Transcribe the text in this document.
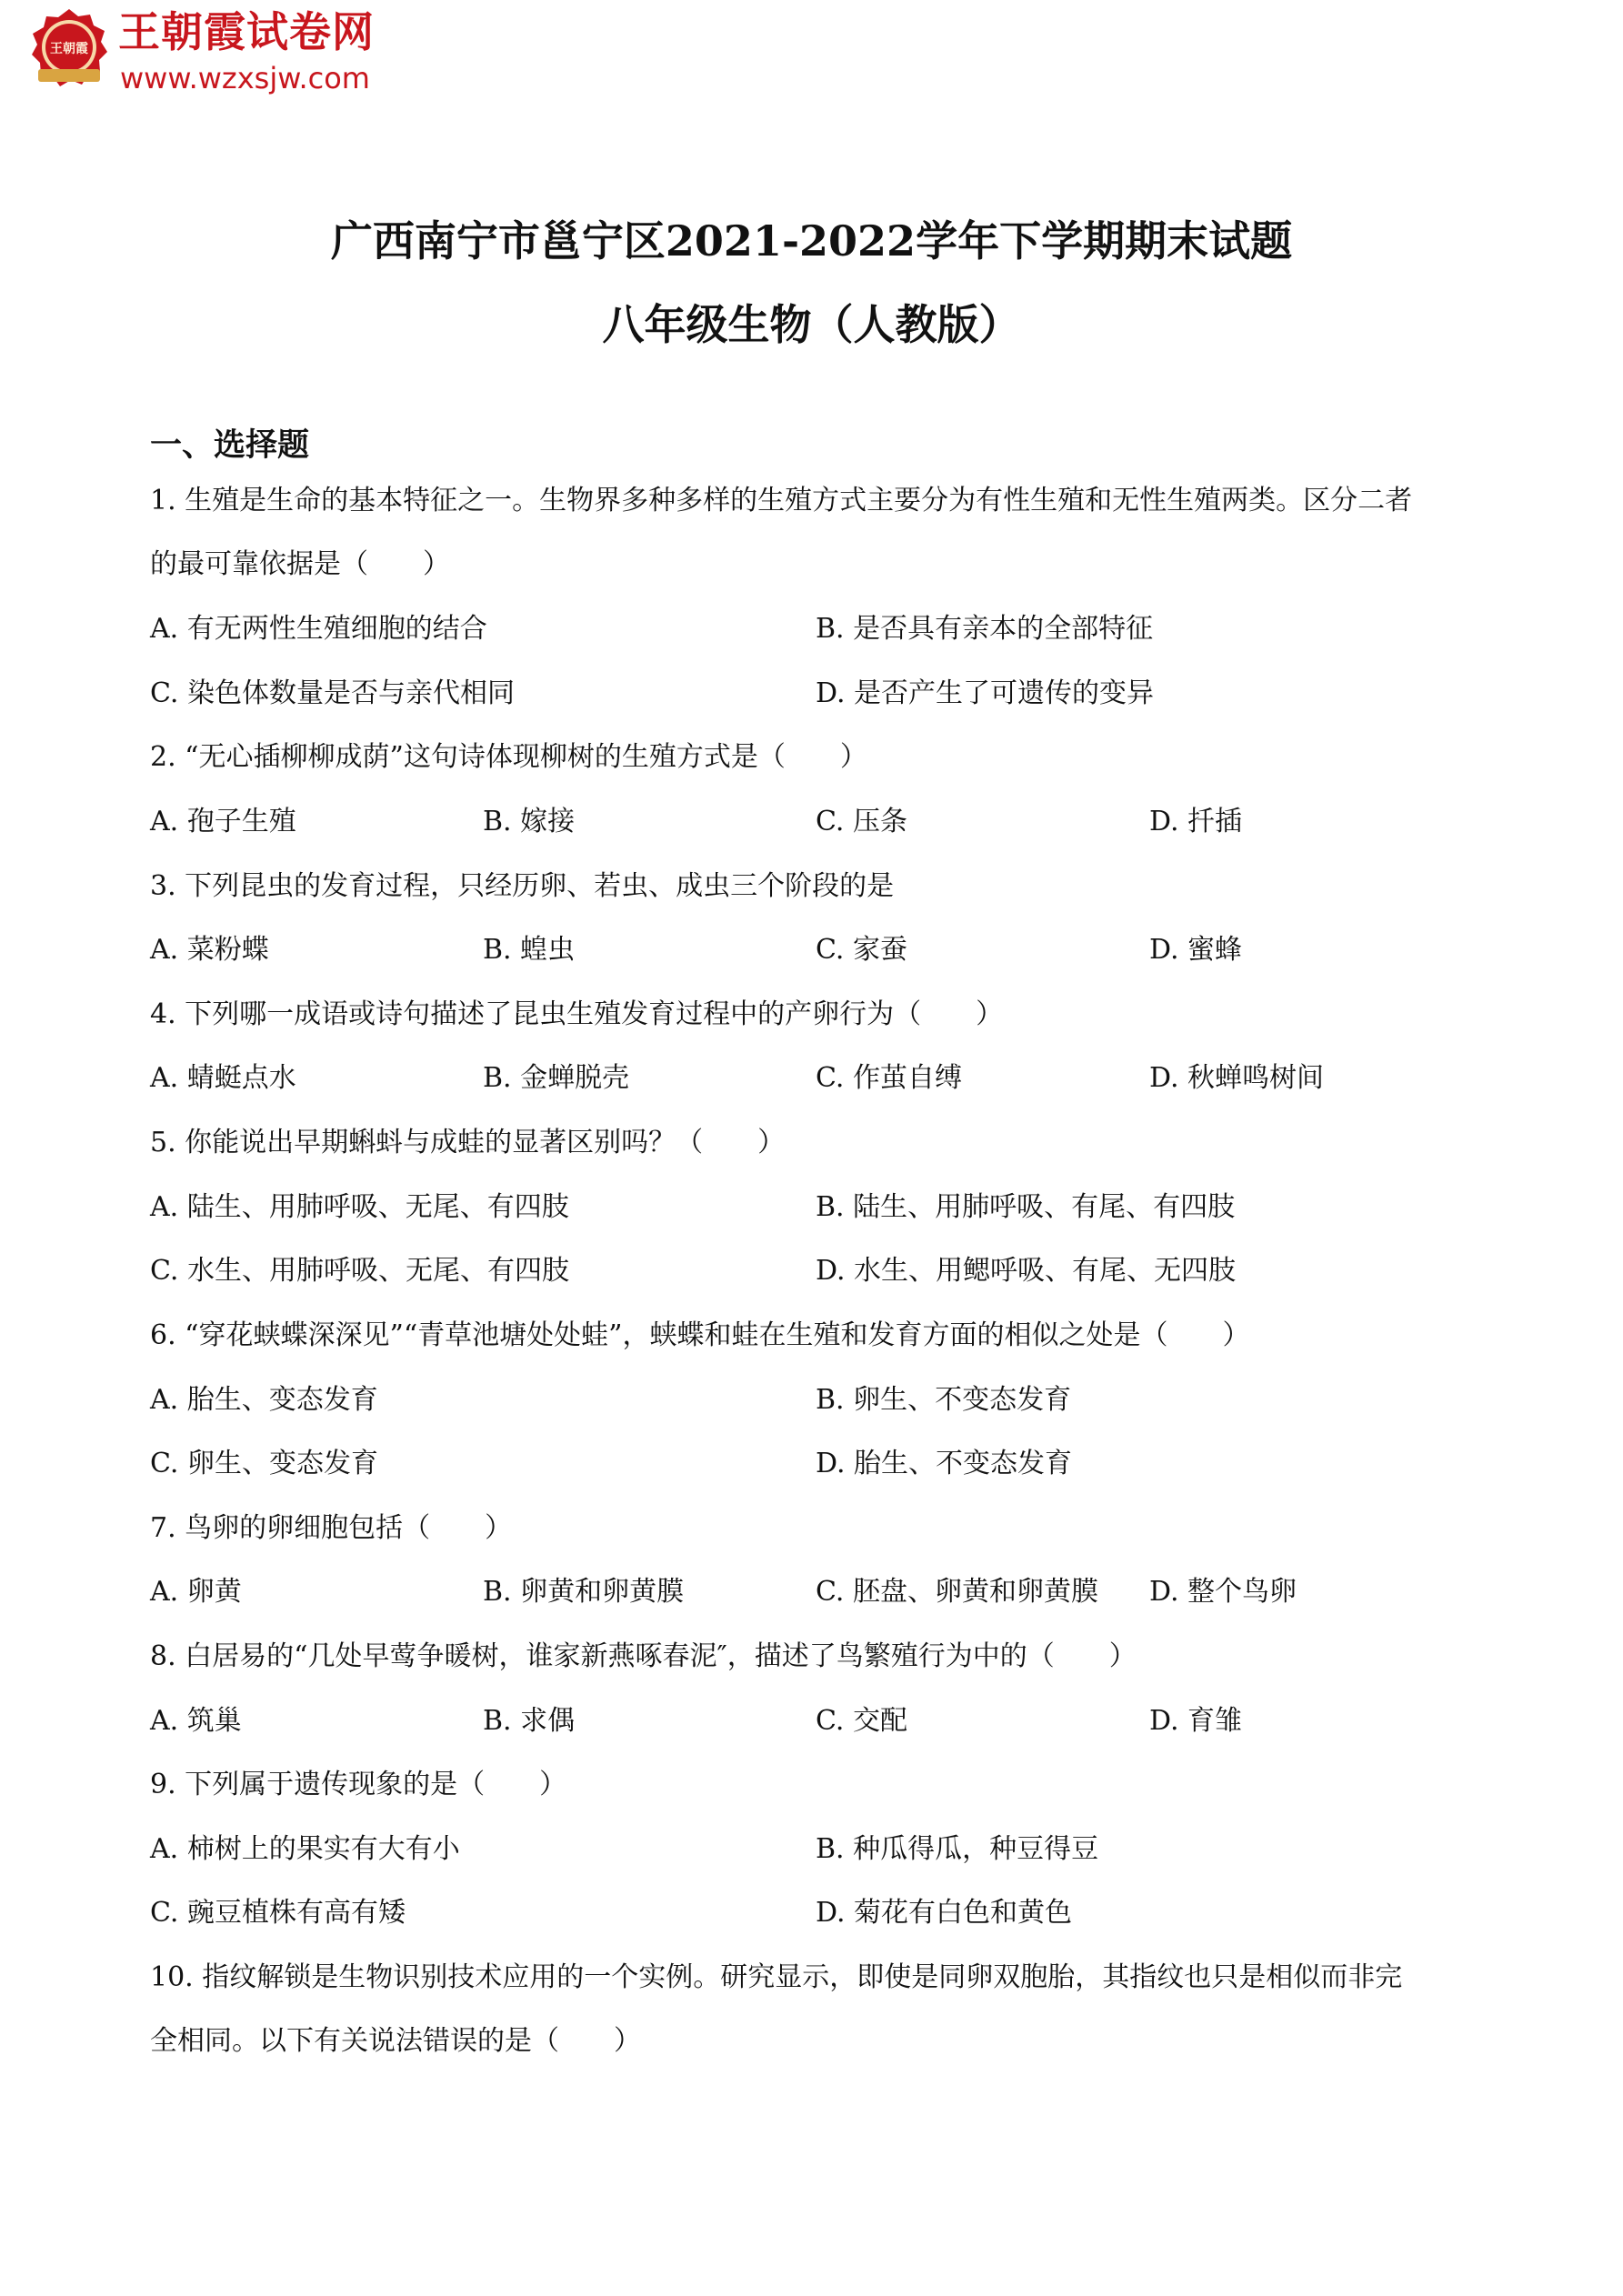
王朝霞 王朝霞试卷网
www.wzxsjw.com
广西南宁市邕宁区2021-2022学年下学期期末试题
八年级生物（人教版）
一、选择题
1. 生殖是生命的基本特征之一。生物界多种多样的生殖方式主要分为有性生殖和无性生殖两类。区分二者
的最可靠依据是（　　）
A. 有无两性生殖细胞的结合	B. 是否具有亲本的全部特征
C. 染色体数量是否与亲代相同	D. 是否产生了可遗传的变异
2. “无心插柳柳成荫”这句诗体现柳树的生殖方式是（　　）
A. 孢子生殖	B. 嫁接	C. 压条	D. 扦插
3. 下列昆虫的发育过程，只经历卵、若虫、成虫三个阶段的是
A. 菜粉蝶	B. 蝗虫	C. 家蚕	D. 蜜蜂
4. 下列哪一成语或诗句描述了昆虫生殖发育过程中的产卵行为（　　）
A. 蜻蜓点水	B. 金蝉脱壳	C. 作茧自缚	D. 秋蝉鸣树间
5. 你能说出早期蝌蚪与成蛙的显著区别吗？（　　）
A. 陆生、用肺呼吸、无尾、有四肢	B. 陆生、用肺呼吸、有尾、有四肢
C. 水生、用肺呼吸、无尾、有四肢	D. 水生、用鳃呼吸、有尾、无四肢
6. “穿花蛱蝶深深见”“青草池塘处处蛙”，蛱蝶和蛙在生殖和发育方面的相似之处是（　　）
A. 胎生、变态发育	B. 卵生、不变态发育
C. 卵生、变态发育	D. 胎生、不变态发育
7. 鸟卵的卵细胞包括（　　）
A. 卵黄	B. 卵黄和卵黄膜	C. 胚盘、卵黄和卵黄膜 D. 整个鸟卵
8. 白居易的“几处早莺争暖树，谁家新燕啄春泥″，描述了鸟繁殖行为中的（　　）
A. 筑巢	B. 求偶	C. 交配	D. 育雏
9. 下列属于遗传现象的是（　　）
A. 柿树上的果实有大有小	B. 种瓜得瓜，种豆得豆
C. 豌豆植株有高有矮	D. 菊花有白色和黄色
10. 指纹解锁是生物识别技术应用的一个实例。研究显示，即使是同卵双胞胎，其指纹也只是相似而非完
全相同。以下有关说法错误的是（　　）
